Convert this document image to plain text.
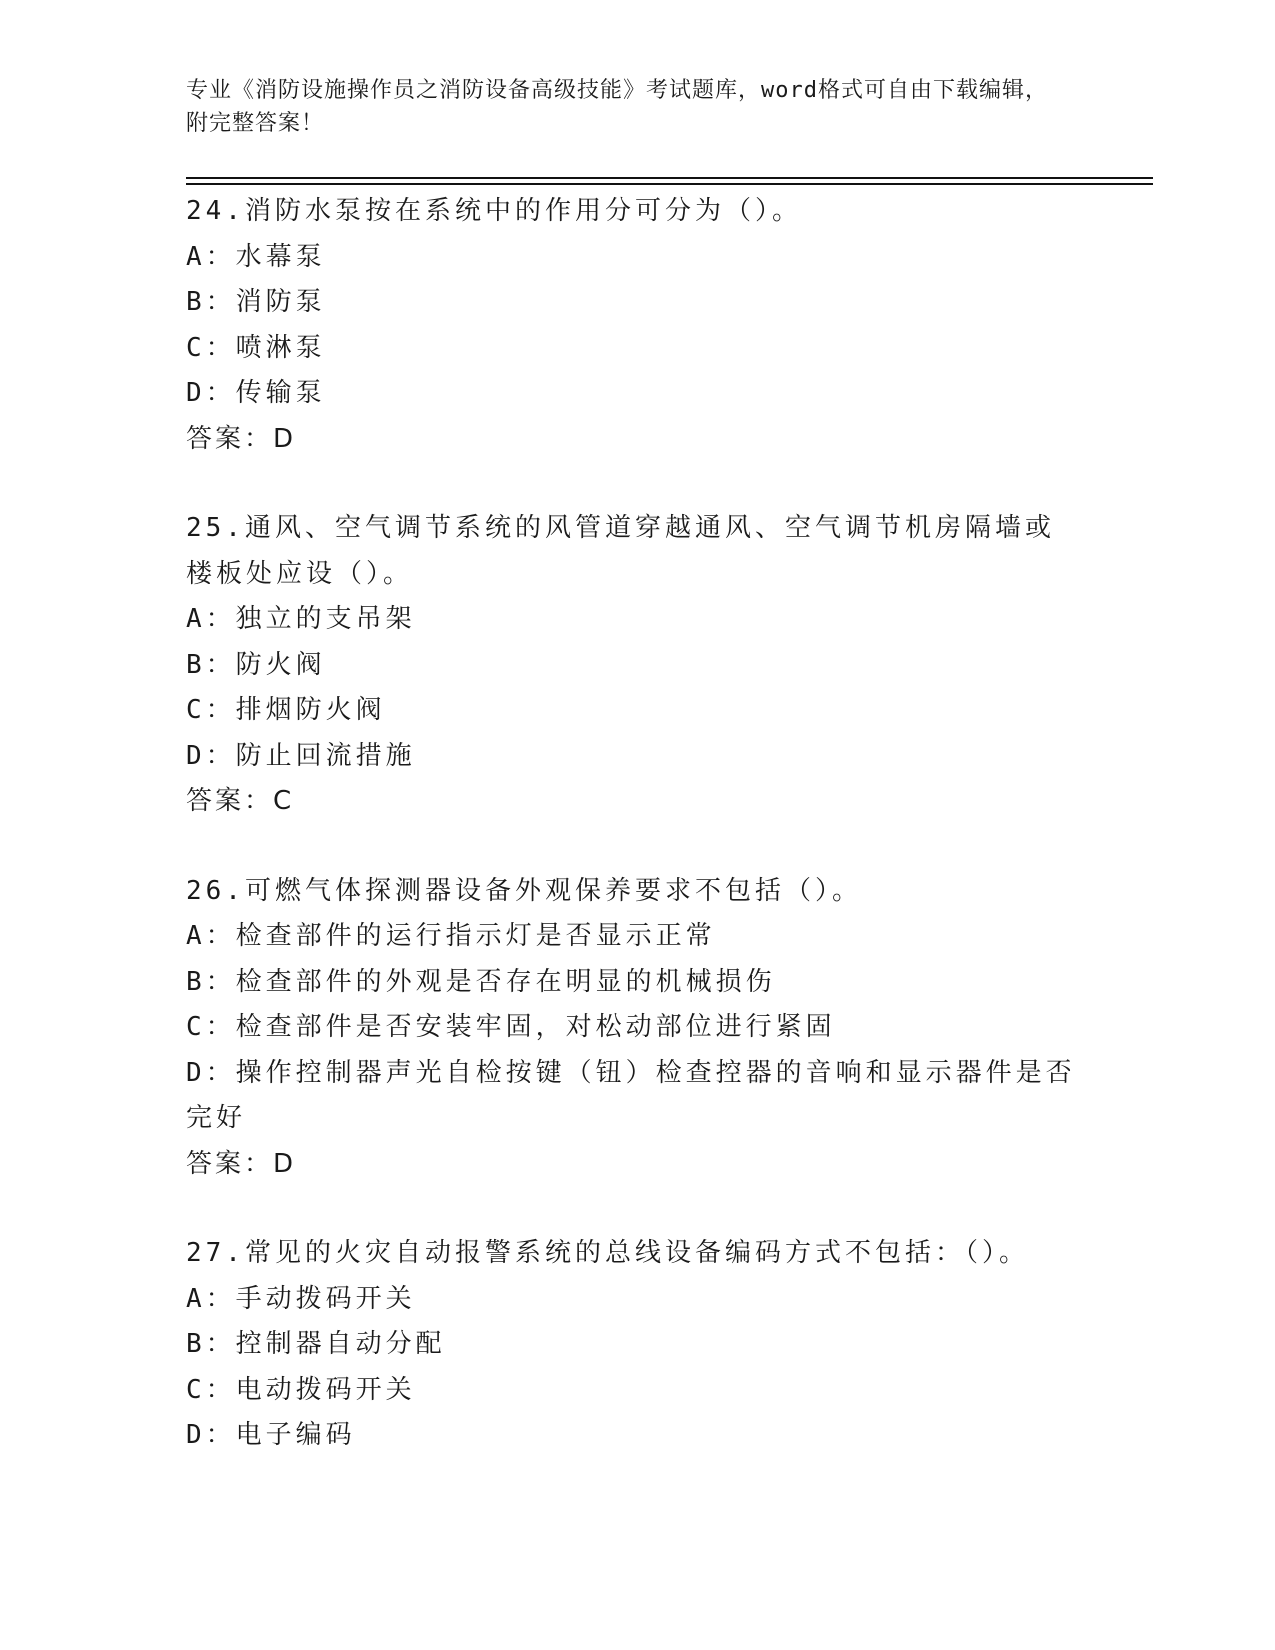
专业《消防设施操作员之消防设备高级技能》考试题库，word格式可自由下载编辑，附完整答案！
24.消防水泵按在系统中的作用分可分为（）。
A：水幕泵
B：消防泵
C：喷淋泵
D：传输泵
答案：D
25.通风、空气调节系统的风管道穿越通风、空气调节机房隔墙或楼板处应设（）。
A：独立的支吊架
B：防火阀
C：排烟防火阀
D：防止回流措施
答案：C
26.可燃气体探测器设备外观保养要求不包括（）。
A：检查部件的运行指示灯是否显示正常
B：检查部件的外观是否存在明显的机械损伤
C：检查部件是否安装牢固，对松动部位进行紧固
D：操作控制器声光自检按键（钮）检查控器的音响和显示器件是否完好
答案：D
27.常见的火灾自动报警系统的总线设备编码方式不包括：（）。
A：手动拨码开关
B：控制器自动分配
C：电动拨码开关
D：电子编码
